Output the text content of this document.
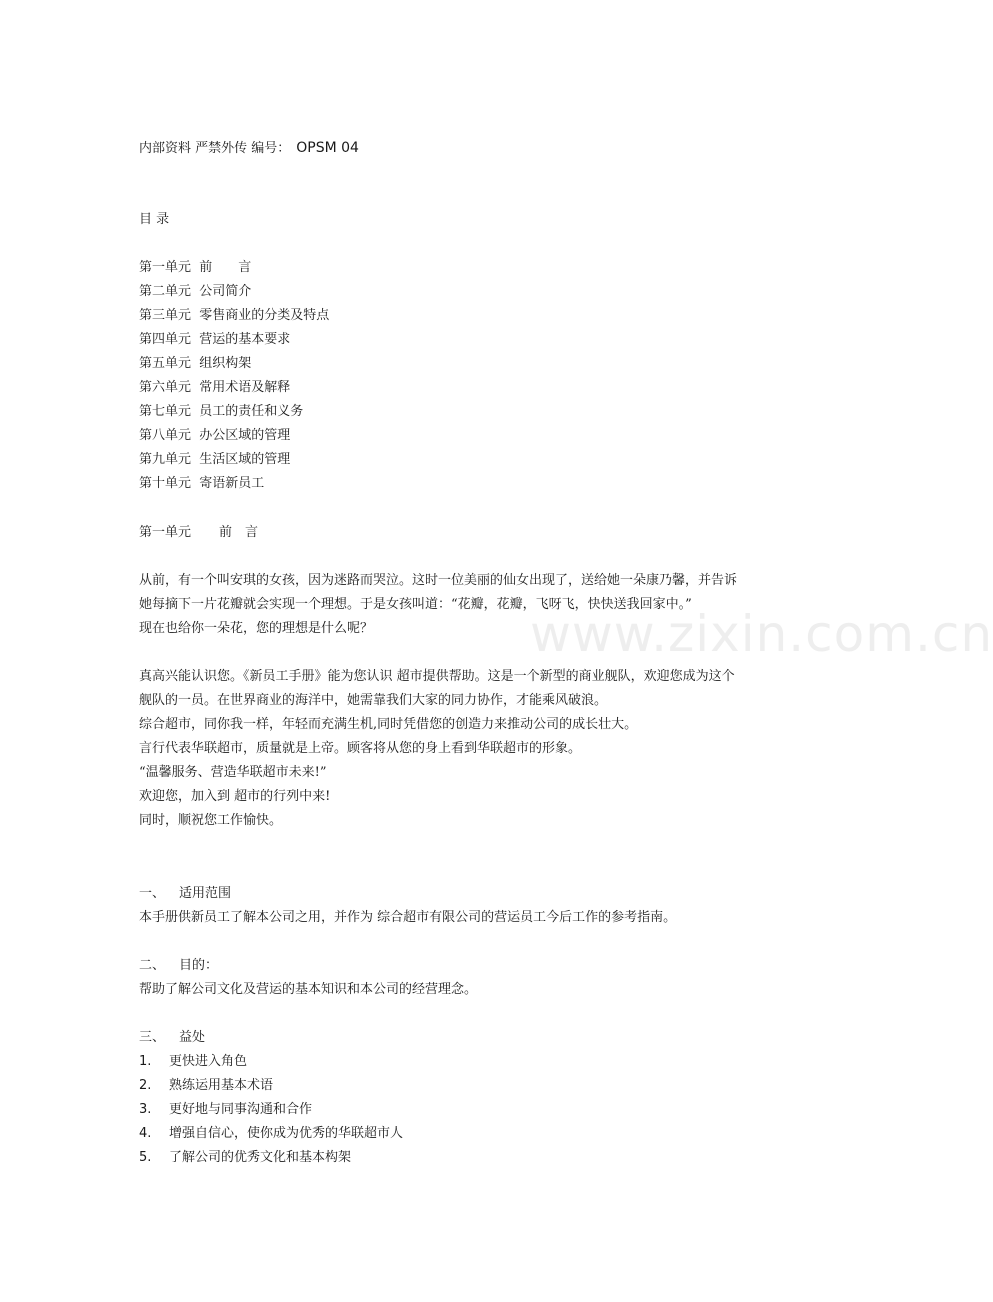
www.zixin.com.cn
内部资料 严禁外传 编号： OPSM 04
目 录
第一单元 前　　言
第二单元 公司简介
第三单元 零售商业的分类及特点
第四单元 营运的基本要求
第五单元 组织构架
第六单元 常用术语及解释
第七单元 员工的责任和义务
第八单元 办公区域的管理
第九单元 生活区域的管理
第十单元 寄语新员工
第一单元 前　言
从前，有一个叫安琪的女孩，因为迷路而哭泣。这时一位美丽的仙女出现了，送给她一朵康乃馨，并告诉
她每摘下一片花瓣就会实现一个理想。于是女孩叫道：“花瓣，花瓣，飞呀飞，快快送我回家中。”
现在也给你一朵花，您的理想是什么呢？
真高兴能认识您。《新员工手册》能为您认识 超市提供帮助。这是一个新型的商业舰队，欢迎您成为这个
舰队的一员。在世界商业的海洋中，她需靠我们大家的同力协作，才能乘风破浪。
综合超市，同你我一样，年轻而充满生机,同时凭借您的创造力来推动公司的成长壮大。
言行代表华联超市，质量就是上帝。顾客将从您的身上看到华联超市的形象。
“温馨服务、营造华联超市未来!”
欢迎您，加入到 超市的行列中来!
同时，顺祝您工作愉快。
一、 适用范围
本手册供新员工了解本公司之用，并作为 综合超市有限公司的营运员工今后工作的参考指南。
二、 目的：
帮助了解公司文化及营运的基本知识和本公司的经营理念。
三、 益处
1. 更快进入角色
2. 熟练运用基本术语
3. 更好地与同事沟通和合作
4. 增强自信心，使你成为优秀的华联超市人
5. 了解公司的优秀文化和基本构架
